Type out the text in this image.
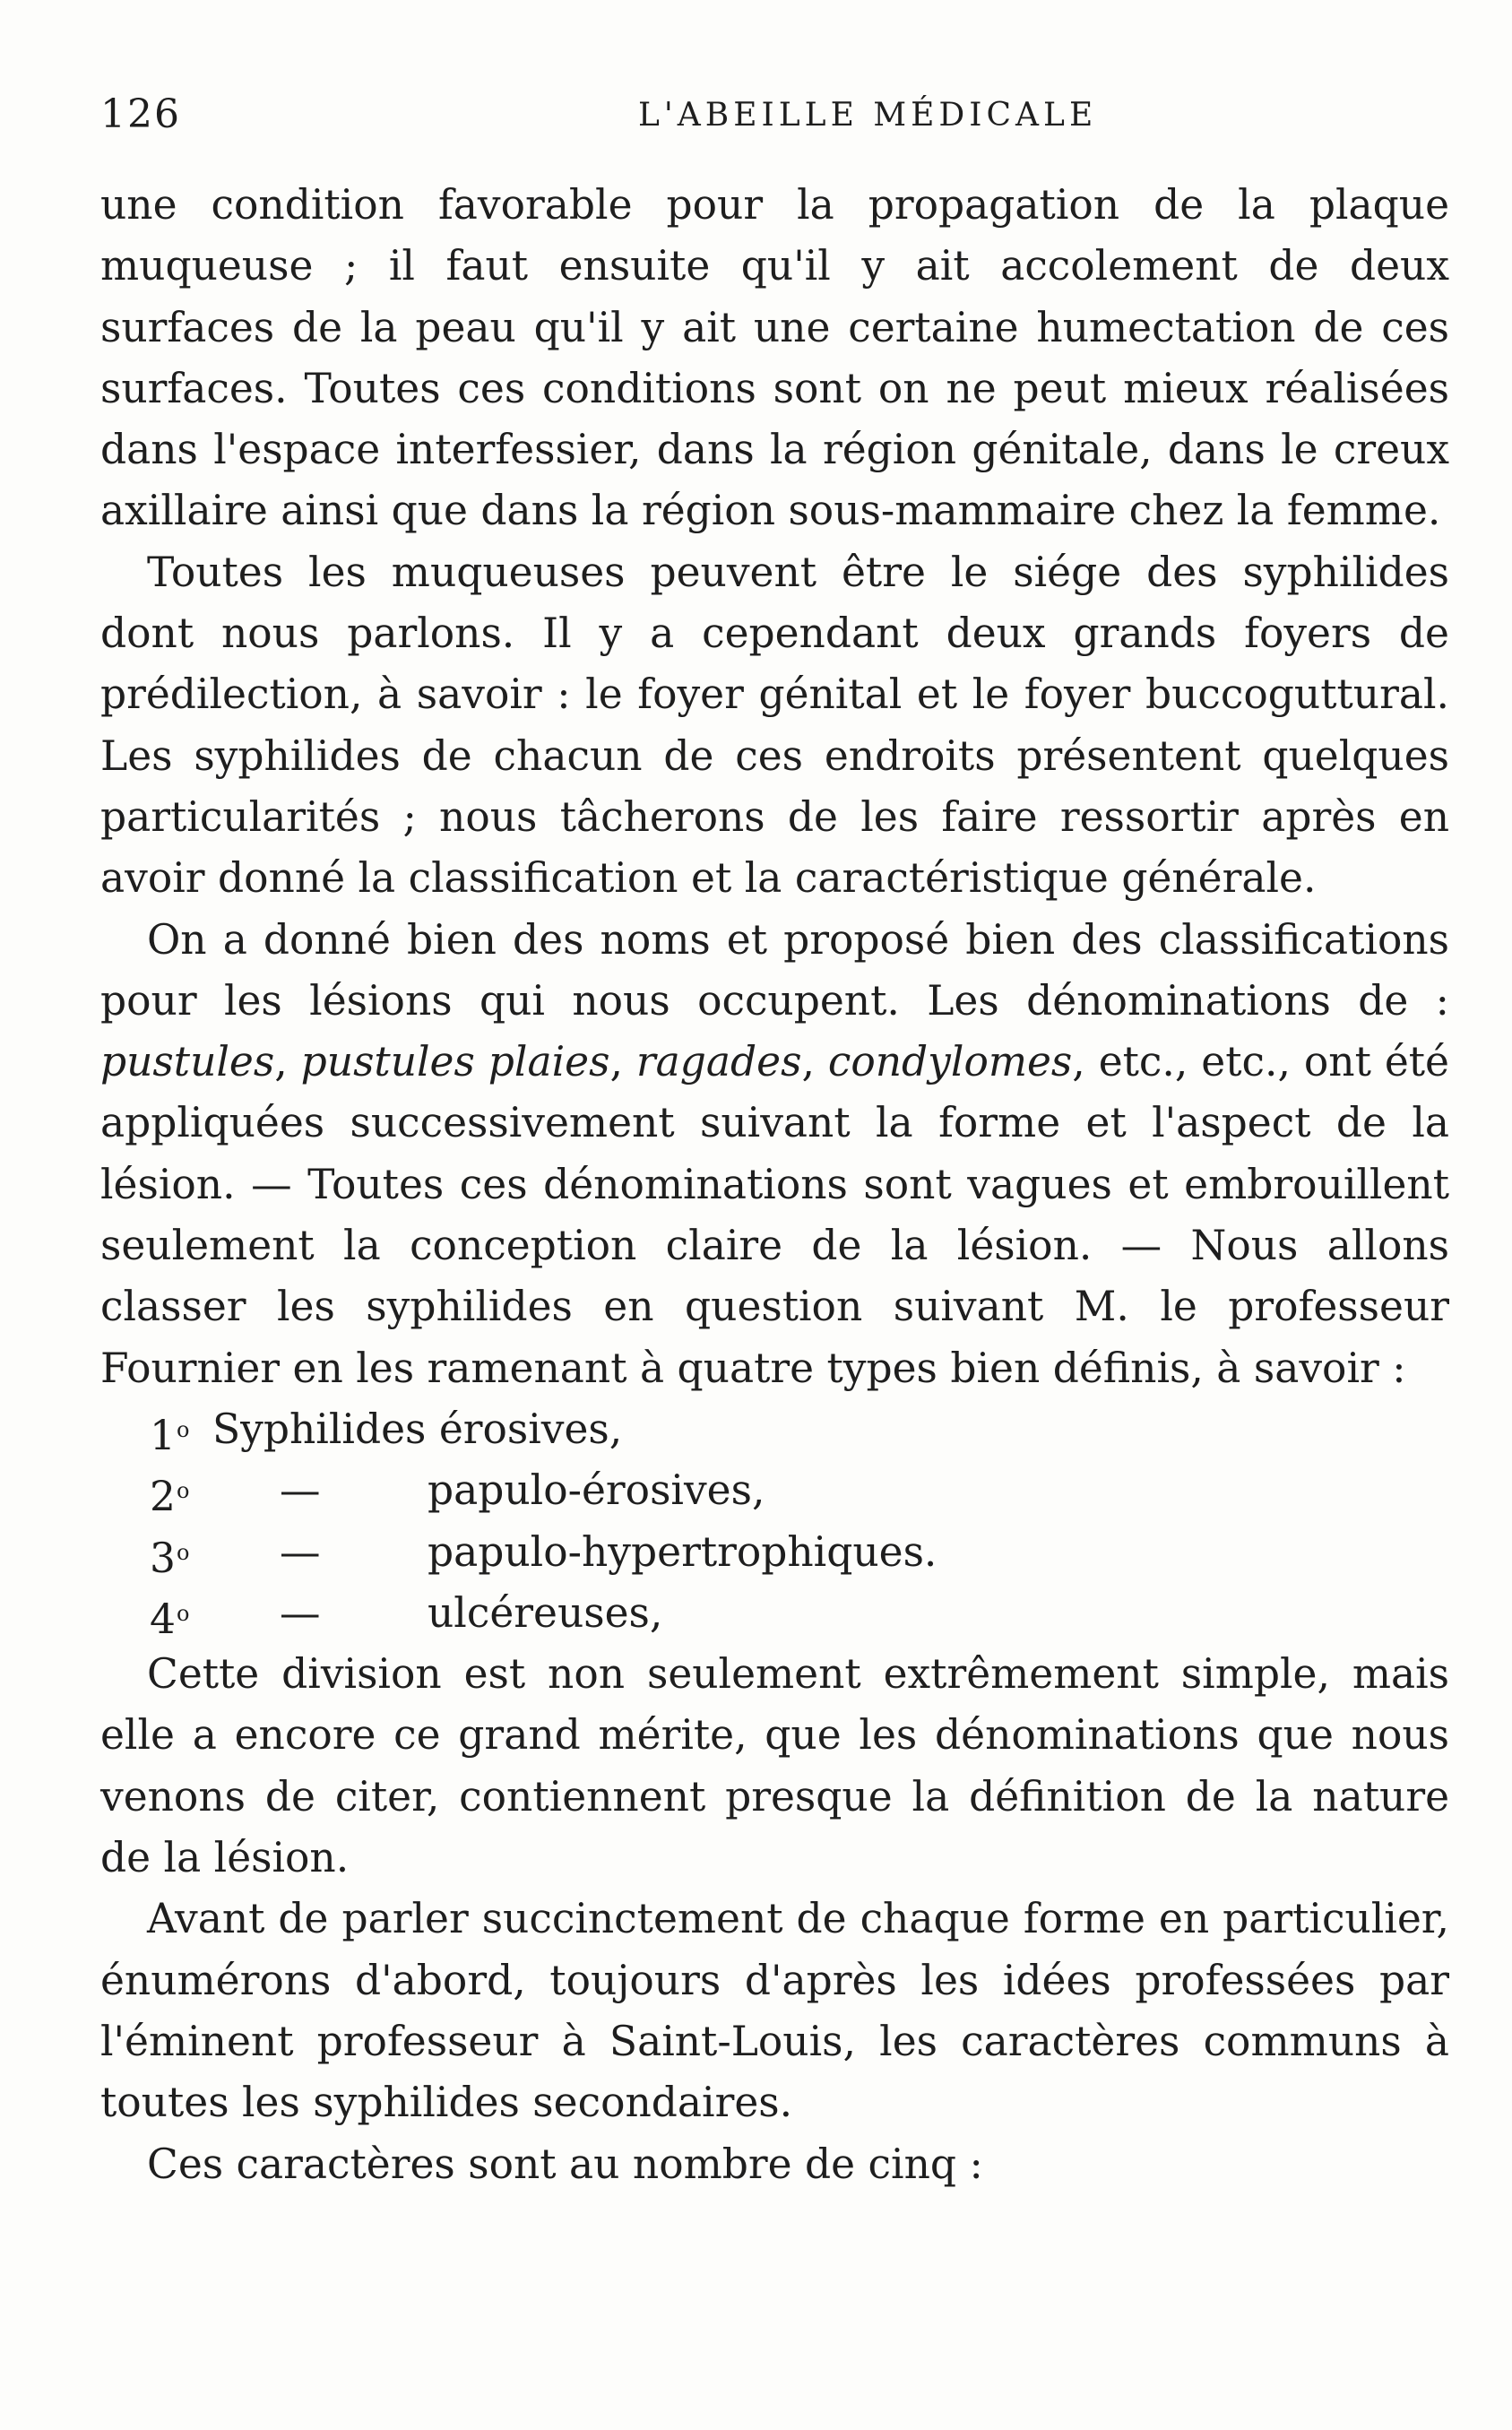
126	L'ABEILLE MÉDICALE

une condition favorable pour la propagation de la plaque muqueuse ; il faut ensuite qu'il y ait accolement de deux surfaces de la peau qu'il y ait une certaine humectation de ces surfaces. Toutes ces conditions sont on ne peut mieux réalisées dans l'espace interfessier, dans la région génitale, dans le creux axillaire ainsi que dans la région sous-mammaire chez la femme.

Toutes les muqueuses peuvent être le siége des syphilides dont nous parlons. Il y a cependant deux grands foyers de prédilection, à savoir : le foyer génital et le foyer buccoguttural. Les syphilides de chacun de ces endroits présentent quelques particularités ; nous tâcherons de les faire ressortir après en avoir donné la classification et la caractéristique générale.

On a donné bien des noms et proposé bien des classifications pour les lésions qui nous occupent. Les dénominations de : pustules, pustules plaies, ragades, condylomes, etc., etc., ont été appliquées successivement suivant la forme et l'aspect de la lésion. — Toutes ces dénominations sont vagues et embrouillent seulement la conception claire de la lésion. — Nous allons classer les syphilides en question suivant M. le professeur Fournier en les ramenant à quatre types bien définis, à savoir :

1$^o$ Syphilides érosives,
2$^o$ —	papulo-érosives,
3$^o$ —	papulo-hypertrophiques.
4$^o$ —	ulcéreuses,

Cette division est non seulement extrêmement simple, mais elle a encore ce grand mérite, que les dénominations que nous venons de citer, contiennent presque la définition de la nature de la lésion.

Avant de parler succinctement de chaque forme en particulier, énumérons d'abord, toujours d'après les idées professées par l'éminent professeur à Saint-Louis, les caractères communs à toutes les syphilides secondaires.

Ces caractères sont au nombre de cinq :
